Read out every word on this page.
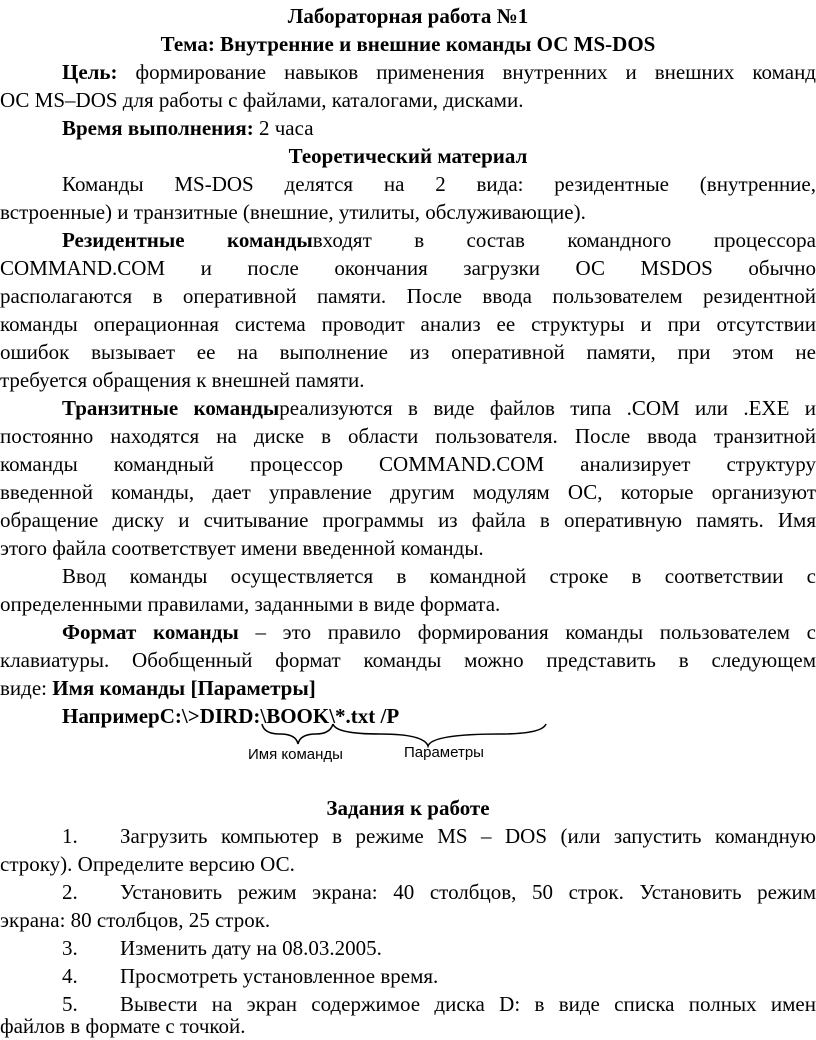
Лабораторная работа №1
Тема: Внутренние и внешние команды ОС MS-DOS
Цель: формирование навыков применения внутренних и внешних команд
ОС MS–DOS для работы с файлами, каталогами, дисками.
Время выполнения: 2 часа
Теоретический материал
Команды MS-DOS делятся на 2 вида: резидентные (внутренние,
встроенные) и транзитные (внешние, утилиты, обслуживающие).
Резидентные командывходят в состав командного процессора
COMMAND.COM и после окончания загрузки ОС MSDOS обычно
располагаются в оперативной памяти. После ввода пользователем резидентной
команды операционная система проводит анализ ее структуры и при отсутствии
ошибок вызывает ее на выполнение из оперативной памяти, при этом не
требуется обращения к внешней памяти.
Транзитные командыреализуются в виде файлов типа .COM или .EXE и
постоянно находятся на диске в области пользователя. После ввода транзитной
команды командный процессор COMMAND.COM анализирует структуру
введенной команды, дает управление другим модулям ОС, которые организуют
обращение диску и считывание программы из файла в оперативную память. Имя
этого файла соответствует имени введенной команды.
Ввод команды осуществляется в командной строке в соответствии с
определенными правилами, заданными в виде формата.
Формат команды – это правило формирования команды пользователем с
клавиатуры. Обобщенный формат команды можно представить в следующем
виде: Имя команды [Параметры]
НапримерC:\>DIRD:\BOOK\*.txt /P
Имя команды	Параметры
Задания к работе
1. Загрузить компьютер в режиме MS – DOS (или запустить командную
строку). Определите версию ОС.
2. Установить режим экрана: 40 столбцов, 50 строк. Установить режим
экрана: 80 столбцов, 25 строк.
3. Изменить дату на 08.03.2005.
4. Просмотреть установленное время.
5. Вывести на экран содержимое диска D: в виде списка полных имен
файлов в формате с точкой.
